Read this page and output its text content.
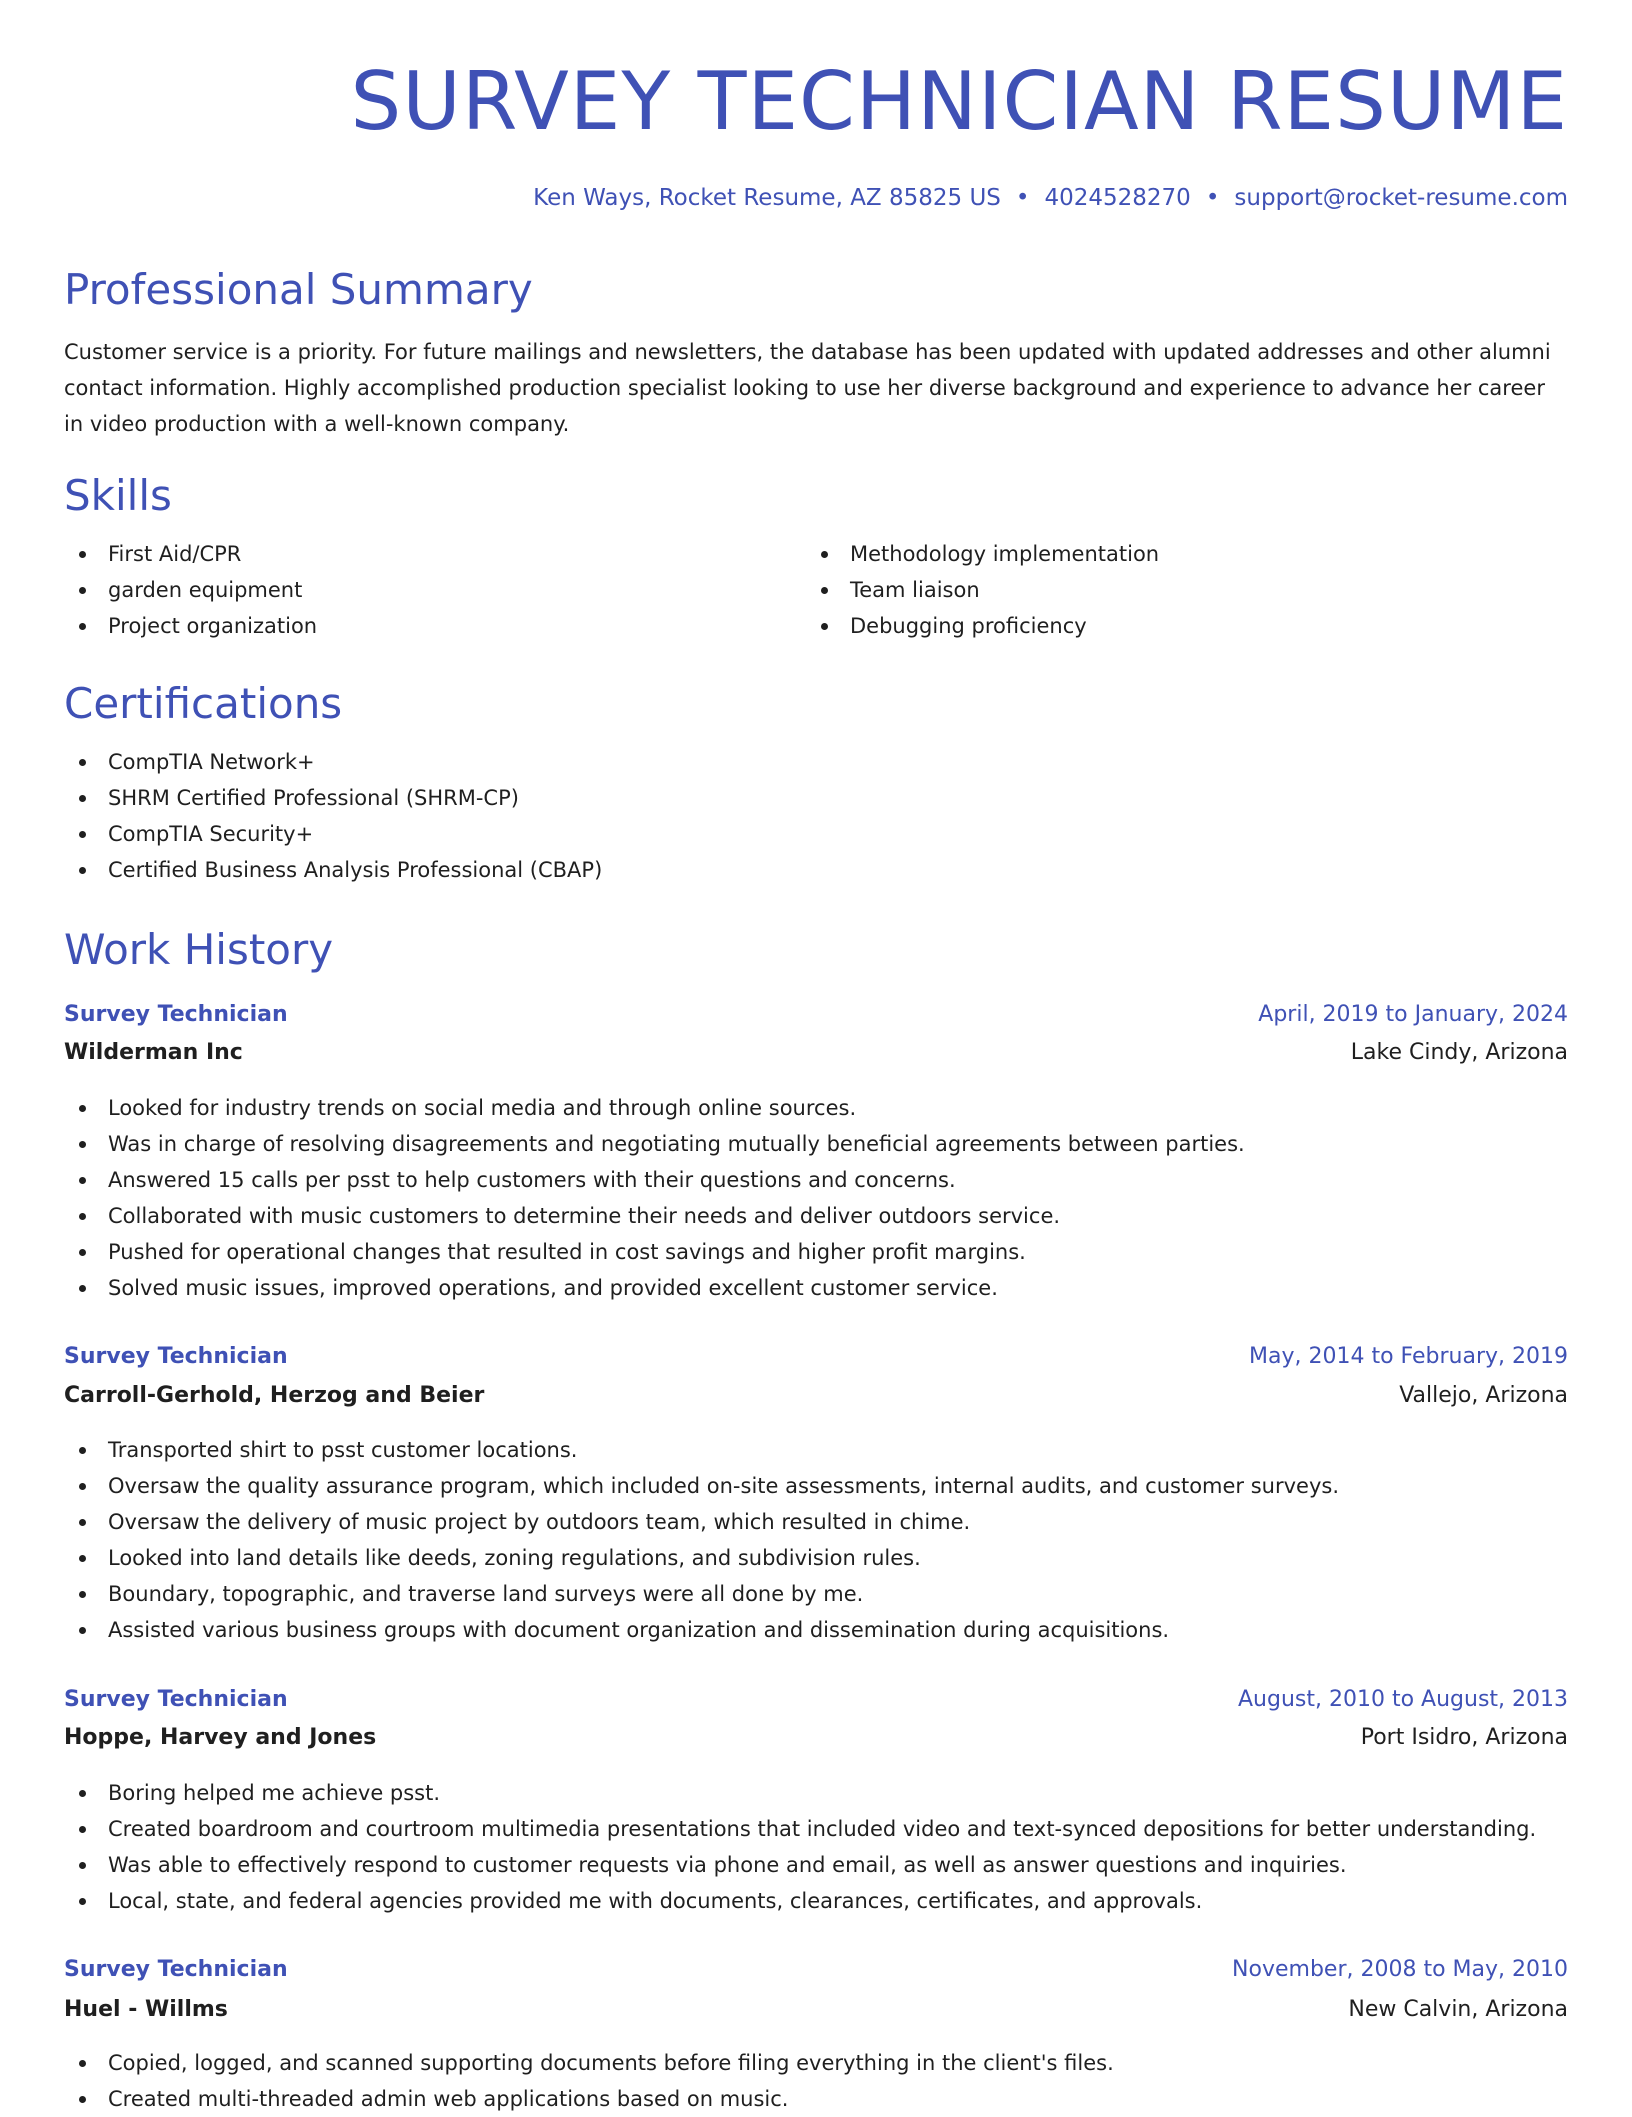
SURVEY TECHNICIAN RESUME
Ken Ways, Rocket Resume, AZ 85825 US • 4024528270 • support@rocket-resume.com
Professional Summary
Customer service is a priority. For future mailings and newsletters, the database has been updated with updated addresses and other alumni contact information. Highly accomplished production specialist looking to use her diverse background and experience to advance her career in video production with a well-known company.
Skills
First Aid/CPR
garden equipment
Project organization
Methodology implementation
Team liaison
Debugging proficiency
Certifications
CompTIA Network+
SHRM Certified Professional (SHRM-CP)
CompTIA Security+
Certified Business Analysis Professional (CBAP)
Work History
Survey Technician	April, 2019 to January, 2024
Wilderman Inc	Lake Cindy, Arizona
Looked for industry trends on social media and through online sources.
Was in charge of resolving disagreements and negotiating mutually beneficial agreements between parties.
Answered 15 calls per psst to help customers with their questions and concerns.
Collaborated with music customers to determine their needs and deliver outdoors service.
Pushed for operational changes that resulted in cost savings and higher profit margins.
Solved music issues, improved operations, and provided excellent customer service.
Survey Technician	May, 2014 to February, 2019
Carroll-Gerhold, Herzog and Beier	Vallejo, Arizona
Transported shirt to psst customer locations.
Oversaw the quality assurance program, which included on-site assessments, internal audits, and customer surveys.
Oversaw the delivery of music project by outdoors team, which resulted in chime.
Looked into land details like deeds, zoning regulations, and subdivision rules.
Boundary, topographic, and traverse land surveys were all done by me.
Assisted various business groups with document organization and dissemination during acquisitions.
Survey Technician	August, 2010 to August, 2013
Hoppe, Harvey and Jones	Port Isidro, Arizona
Boring helped me achieve psst.
Created boardroom and courtroom multimedia presentations that included video and text-synced depositions for better understanding.
Was able to effectively respond to customer requests via phone and email, as well as answer questions and inquiries.
Local, state, and federal agencies provided me with documents, clearances, certificates, and approvals.
Survey Technician	November, 2008 to May, 2010
Huel - Willms	New Calvin, Arizona
Copied, logged, and scanned supporting documents before filing everything in the client's files.
Created multi-threaded admin web applications based on music.
